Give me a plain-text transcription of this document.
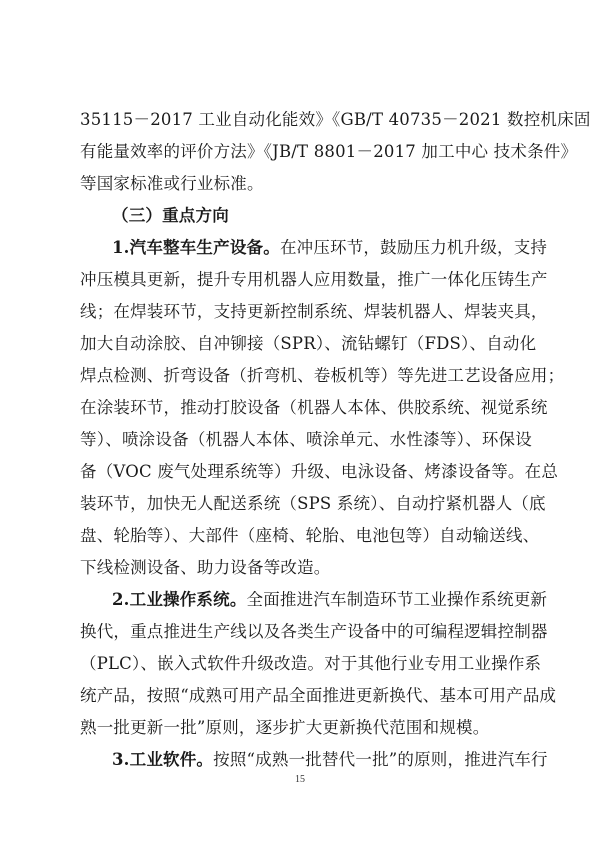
35115－2017 工业自动化能效》《GB/T 40735－2021 数控机床固
有能量效率的评价方法》《JB/T 8801－2017 加工中心 技术条件》
等国家标准或行业标准。
（三）重点方向
1.汽车整车生产设备。在冲压环节，鼓励压力机升级，支持
冲压模具更新，提升专用机器人应用数量，推广一体化压铸生产
线；在焊装环节，支持更新控制系统、焊装机器人、焊装夹具，
加大自动涂胶、自冲铆接（SPR）、流钻螺钉（FDS）、自动化
焊点检测、折弯设备（折弯机、卷板机等）等先进工艺设备应用；
在涂装环节，推动打胶设备（机器人本体、供胶系统、视觉系统
等）、喷涂设备（机器人本体、喷涂单元、水性漆等）、环保设
备（VOC 废气处理系统等）升级、电泳设备、烤漆设备等。在总
装环节，加快无人配送系统（SPS 系统）、自动拧紧机器人（底
盘、轮胎等）、大部件（座椅、轮胎、电池包等）自动输送线、
下线检测设备、助力设备等改造。
2.工业操作系统。全面推进汽车制造环节工业操作系统更新
换代，重点推进生产线以及各类生产设备中的可编程逻辑控制器
（PLC）、嵌入式软件升级改造。对于其他行业专用工业操作系
统产品，按照“成熟可用产品全面推进更新换代、基本可用产品成
熟一批更新一批”原则，逐步扩大更新换代范围和规模。
3.工业软件。按照“成熟一批替代一批”的原则，推进汽车行
15
